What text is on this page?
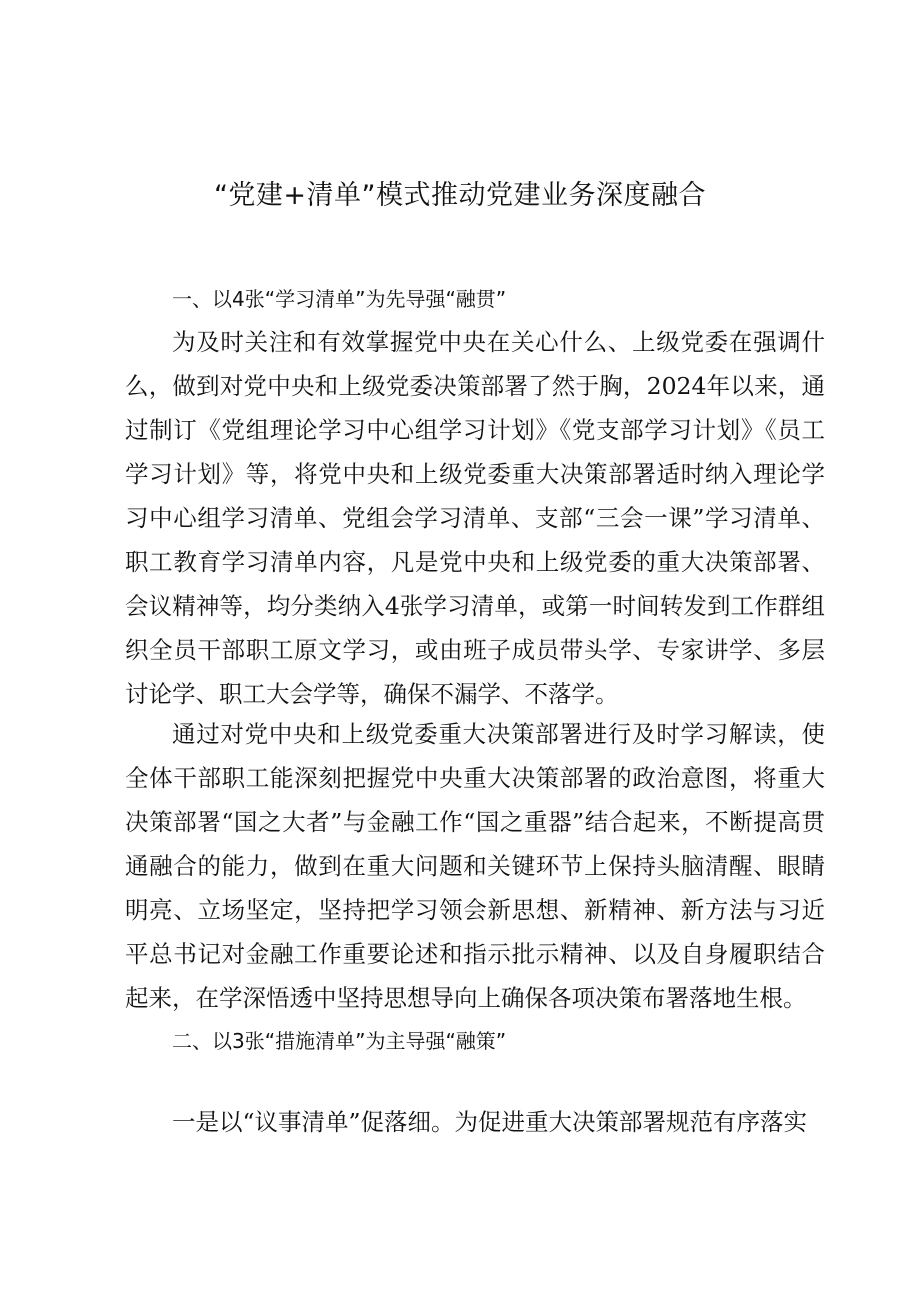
“党建+清单”模式推动党建业务深度融合
一、以4张“学习清单”为先导强“融贯”

为及时关注和有效掌握党中央在关心什么、上级党委在强调什么，做到对党中央和上级党委决策部署了然于胸，2024年以来，通过制订《党组理论学习中心组学习计划》《党支部学习计划》《员工学习计划》等，将党中央和上级党委重大决策部署适时纳入理论学习中心组学习清单、党组会学习清单、支部“三会一课”学习清单、职工教育学习清单内容，凡是党中央和上级党委的重大决策部署、会议精神等，均分类纳入4张学习清单，或第一时间转发到工作群组织全员干部职工原文学习，或由班子成员带头学、专家讲学、多层讨论学、职工大会学等，确保不漏学、不落学。

通过对党中央和上级党委重大决策部署进行及时学习解读，使全体干部职工能深刻把握党中央重大决策部署的政治意图，将重大决策部署“国之大者”与金融工作“国之重器”结合起来，不断提高贯通融合的能力，做到在重大问题和关键环节上保持头脑清醒、眼睛明亮、立场坚定，坚持把学习领会新思想、新精神、新方法与习近平总书记对金融工作重要论述和指示批示精神、以及自身履职结合起来，在学深悟透中坚持思想导向上确保各项决策布署落地生根。

二、以3张“措施清单”为主导强“融策”

一是以“议事清单”促落细。为促进重大决策部署规范有序落实
